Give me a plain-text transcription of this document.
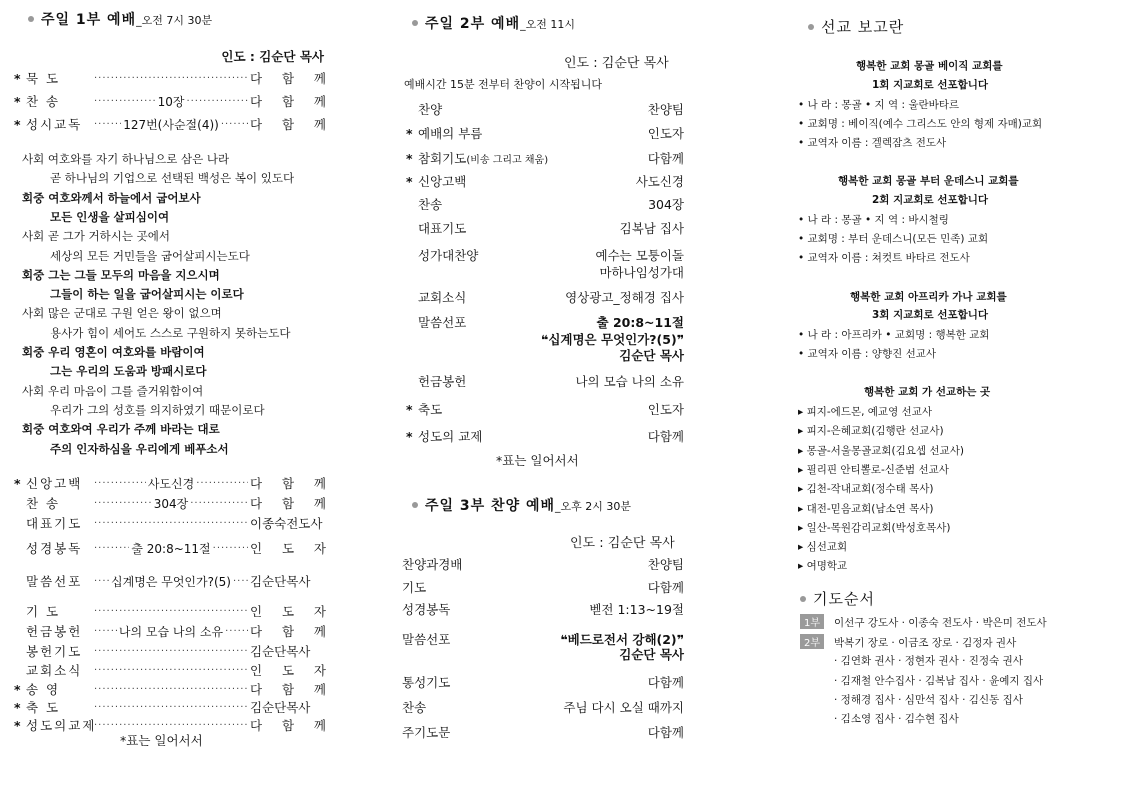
주일 1부 예배 _오전 7시 30분
인도 : 김순단 목사
* 묵 도 ·····	다 함 께
* 찬 송 ·····	10장 ·····	다 함 께
* 성시교독 ·····	127번(사순절(4)) ····· 다 함 께
사회 여호와를 자기 하나님으로 삼은 나라
곧 하나님의 기업으로 선택된 백성은 복이 있도다
회중 여호와께서 하늘에서 굽어보사
모든 인생을 살피심이여
사회 곧 그가 거하시는 곳에서
세상의 모든 거민들을 굽어살피시는도다
회중 그는 그들 모두의 마음을 지으시며
그들이 하는 일을 굽어살피시는 이로다
사회 많은 군대로 구원 얻은 왕이 없으며
용사가 힘이 세어도 스스로 구원하지 못하는도다
회중 우리 영혼이 여호와를 바람이여
그는 우리의 도움과 방패시로다
사회 우리 마음이 그를 즐거워함이여
우리가 그의 성호를 의지하였기 때문이로다
회중 여호와여 우리가 주께 바라는 대로
주의 인자하심을 우리에게 베푸소서
* 신앙고백 ·····	사도신경 ·····	다 함 께
찬 송 ·····	304장 ·····	다 함 께
대표기도 ·····	이종숙전도사
성경봉독 ·····	출 20:8~11절 ·····	인 도 자
말씀선포 ·····	십계명은 무엇인가?(5) ····· 김순단목사
기 도 ·····	인 도 자
헌금봉헌 ·····	나의 모습 나의 소유 ····· 다 함 께
봉헌기도 ·····	김순단목사
교회소식 ·····	인 도 자
* 송 영 ·····	다 함 께
* 축 도 ·····	김순단목사
* 성도의교제 ·····	다 함 께
*표는 일어서서
주일 2부 예배 _오전 11시
인도 : 김순단 목사
예배시간 15분 전부터 찬양이 시작됩니다
찬양	찬양팀
* 예배의 부름	인도자
* 참회기도(비송 그리고 채움)	다함께
* 신앙고백	사도신경
찬송	304장
대표기도	김복남 집사
성가대찬양	예수는 모퉁이돌
마하나임성가대
교회소식	영상광고_정해경 집사
말씀선포	출 20:8~11절
❝십계명은 무엇인가?(5)❞
김순단 목사
헌금봉헌	나의 모습 나의 소유
* 축도	인도자
* 성도의 교제	다함께
*표는 일어서서
주일 3부 찬양 예배 _오후 2시 30분
인도 : 김순단 목사
찬양과경배	찬양팀
기도	다함께
성경봉독	벧전 1:13~19절
말씀선포	❝베드로전서 강해(2)❞
김순단 목사
통성기도	다함께
찬송	주님 다시 오실 때까지
주기도문	다함께
선교 보고란
행복한 교회 몽골 베이직 교회를
1회 지교회로 선포합니다
• 나 라 : 몽골 • 지 역 : 울란바타르
• 교회명 : 베이직(예수 그리스도 안의 형제 자매)교회
• 교역자 이름 : 겔렉잠츠 전도사
행복한 교회 몽골 부터 운데스니 교회를
2회 지교회로 선포합니다
• 나 라 : 몽골 • 지 역 : 바시철링
• 교회명 : 부터 운데스니(모든 민족) 교회
• 교역자 이름 : 쳐컷트 바타르 전도사
행복한 교회 아프리카 가나 교회를
3회 지교회로 선포합니다
• 나 라 : 아프리카 • 교회명 : 행복한 교회
• 교역자 이름 : 양향진 선교사
행복한 교회 가 선교하는 곳
▸ 피지-에드몬, 예교영 선교사
▸ 피지-은혜교회(김행란 선교사)
▸ 몽골-서울몽골교회(김요셉 선교사)
▸ 필리핀 안티뽈로-신준범 선교사
▸ 김천-작내교회(정수태 목사)
▸ 대전-믿음교회(남소연 목사)
▸ 일산-목원감리교회(박성호목사)
▸ 심선교회
▸ 여명학교
기도순서
1부 이선구 강도사 · 이종숙 전도사 · 박은미 전도사
2부 박복기 장로 · 이금조 장로 · 김정자 권사
· 김연화 권사 · 정현자 권사 · 진정숙 권사
· 김재철 안수집사 · 김복남 집사 · 윤예지 집사
· 정해경 집사 · 심만석 집사 · 김신동 집사
· 김소영 집사 · 김수현 집사
